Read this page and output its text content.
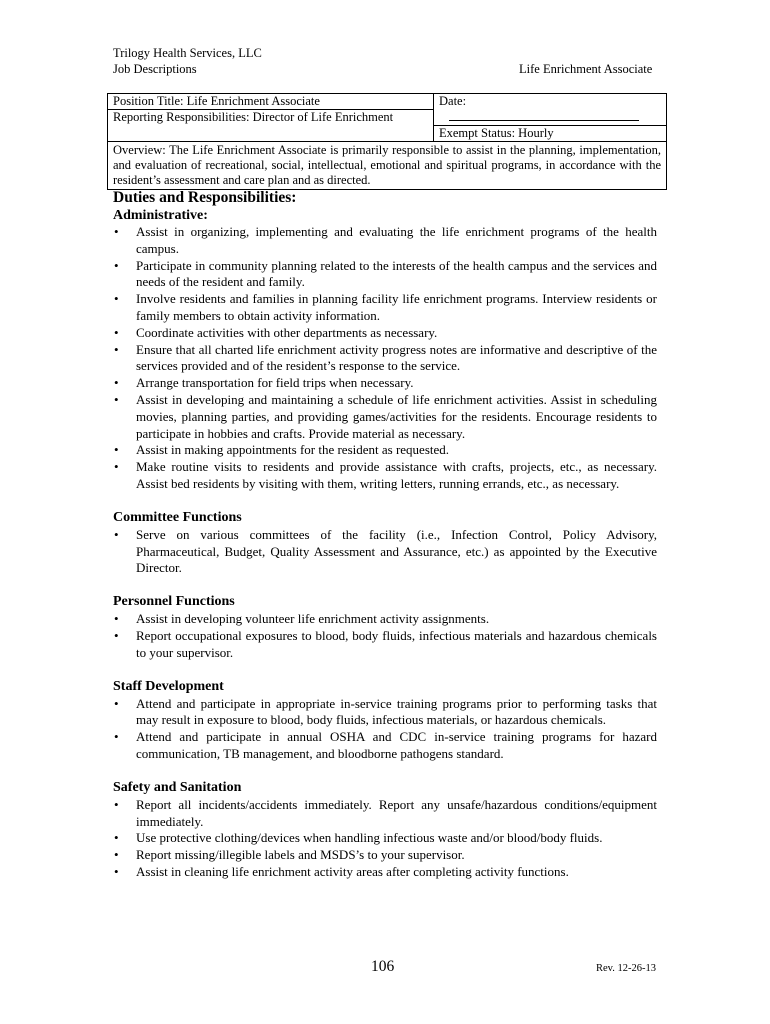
Trilogy Health Services, LLC
Job Descriptions	Life Enrichment Associate
Position Title: Life Enrichment Associate
Reporting Responsibilities: Director of Life Enrichment

Date:
Exempt Status: Hourly

Overview: The Life Enrichment Associate is primarily responsible to assist in the planning, implementation, and evaluation of recreational, social, intellectual, emotional and spiritual programs, in accordance with the resident’s assessment and care plan and as directed.
Duties and Responsibilities:
Administrative:
• Assist in organizing, implementing and evaluating the life enrichment programs of the health campus.
• Participate in community planning related to the interests of the health campus and the services and needs of the resident and family.
• Involve residents and families in planning facility life enrichment programs. Interview residents or family members to obtain activity information.
• Coordinate activities with other departments as necessary.
• Ensure that all charted life enrichment activity progress notes are informative and descriptive of the services provided and of the resident’s response to the service.
• Arrange transportation for field trips when necessary.
• Assist in developing and maintaining a schedule of life enrichment activities. Assist in scheduling movies, planning parties, and providing games/activities for the residents. Encourage residents to participate in hobbies and crafts. Provide material as necessary.
• Assist in making appointments for the resident as requested.
• Make routine visits to residents and provide assistance with crafts, projects, etc., as necessary. Assist bed residents by visiting with them, writing letters, running errands, etc., as necessary.
Committee Functions
• Serve on various committees of the facility (i.e., Infection Control, Policy Advisory, Pharmaceutical, Budget, Quality Assessment and Assurance, etc.) as appointed by the Executive Director.
Personnel Functions
• Assist in developing volunteer life enrichment activity assignments.
• Report occupational exposures to blood, body fluids, infectious materials and hazardous chemicals to your supervisor.
Staff Development
• Attend and participate in appropriate in-service training programs prior to performing tasks that may result in exposure to blood, body fluids, infectious materials, or hazardous chemicals.
• Attend and participate in annual OSHA and CDC in-service training programs for hazard communication, TB management, and bloodborne pathogens standard.
Safety and Sanitation
• Report all incidents/accidents immediately. Report any unsafe/hazardous conditions/equipment immediately.
• Use protective clothing/devices when handling infectious waste and/or blood/body fluids.
• Report missing/illegible labels and MSDS’s to your supervisor.
• Assist in cleaning life enrichment activity areas after completing activity functions.
106	Rev. 12-26-13
